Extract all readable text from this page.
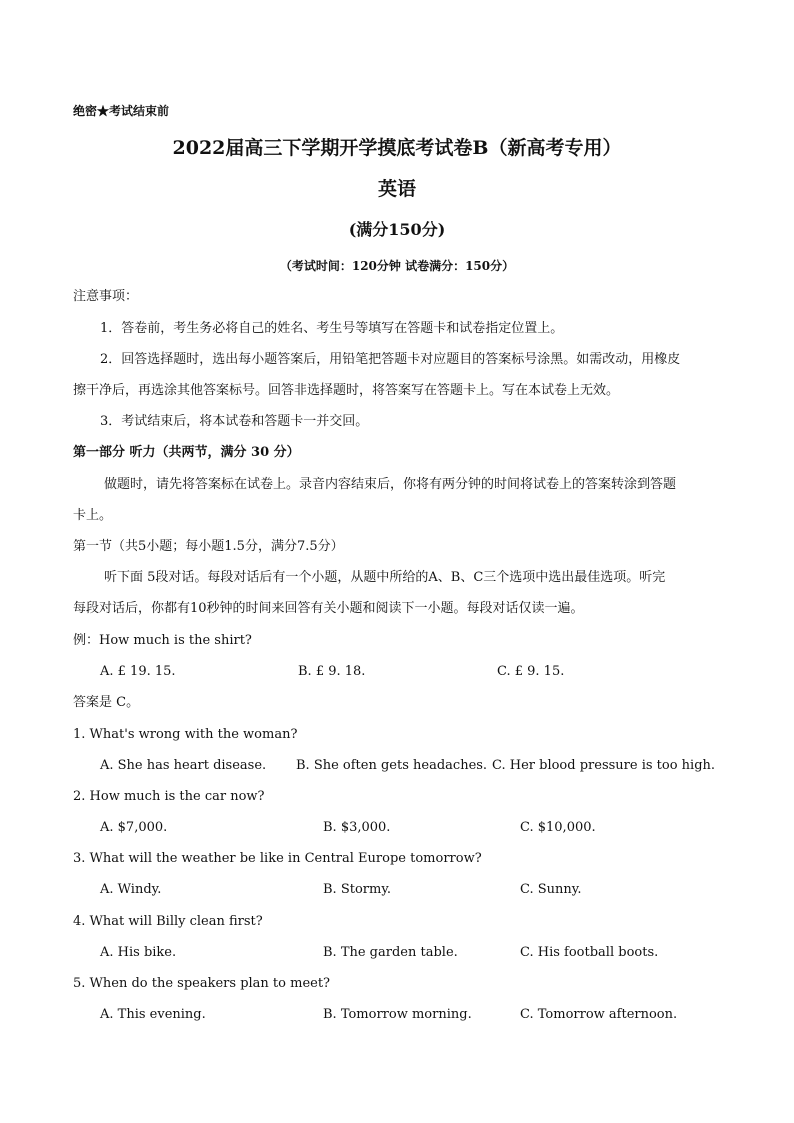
绝密★考试结束前
2022届高三下学期开学摸底考试卷B（新高考专用）
英语
(满分150分)
（考试时间：120分钟 试卷满分：150分）
注意事项：
1．答卷前，考生务必将自己的姓名、考生号等填写在答题卡和试卷指定位置上。
2．回答选择题时，选出每小题答案后，用铅笔把答题卡对应题目的答案标号涂黑。如需改动，用橡皮
擦干净后，再选涂其他答案标号。回答非选择题时，将答案写在答题卡上。写在本试卷上无效。
3．考试结束后，将本试卷和答题卡一并交回。
第一部分 听力（共两节，满分 30 分）
做题时，请先将答案标在试卷上。录音内容结束后，你将有两分钟的时间将试卷上的答案转涂到答题
卡上。
第一节（共5小题；每小题1.5分，满分7.5分）
听下面 5段对话。每段对话后有一个小题，从题中所给的A、B、C三个选项中选出最佳选项。听完
每段对话后，你都有10秒钟的时间来回答有关小题和阅读下一小题。每段对话仅读一遍。
例：How much is the shirt?
A. £ 19. 15.	B. £ 9. 18.	C. £ 9. 15.
答案是 C。
1. What's wrong with the woman?
A. She has heart disease. B. She often gets headaches. C. Her blood pressure is too high.
2. How much is the car now?
A. $7,000.	B. $3,000.	C. $10,000.
3. What will the weather be like in Central Europe tomorrow?
A. Windy.	B. Stormy.	C. Sunny.
4. What will Billy clean first?
A. His bike.	B. The garden table.	C. His football boots.
5. When do the speakers plan to meet?
A. This evening.	B. Tomorrow morning.	C. Tomorrow afternoon.
